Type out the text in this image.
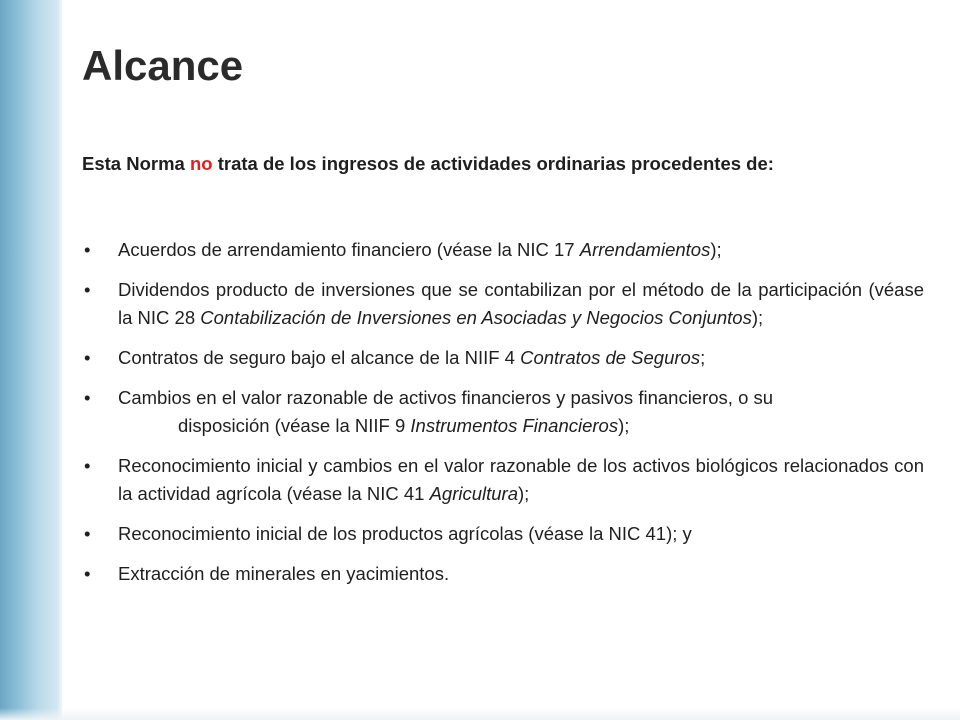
Alcance
Esta Norma no trata de los ingresos de actividades ordinarias procedentes de:
•	Acuerdos de arrendamiento financiero (véase la NIC 17 Arrendamientos);
•	Dividendos producto de inversiones que se contabilizan por el método de la participación (véase la NIC 28 Contabilización de Inversiones en Asociadas y Negocios Conjuntos);
•	Contratos de seguro bajo el alcance de la NIIF 4 Contratos de Seguros;
•	Cambios en el valor razonable de activos financieros y pasivos financieros, o su
disposición (véase la NIIF 9 Instrumentos Financieros);
•	Reconocimiento inicial y cambios en el valor razonable de los activos biológicos relacionados con la actividad agrícola (véase la NIC 41 Agricultura);
•	Reconocimiento inicial de los productos agrícolas (véase la NIC 41); y
•	Extracción de minerales en yacimientos.
